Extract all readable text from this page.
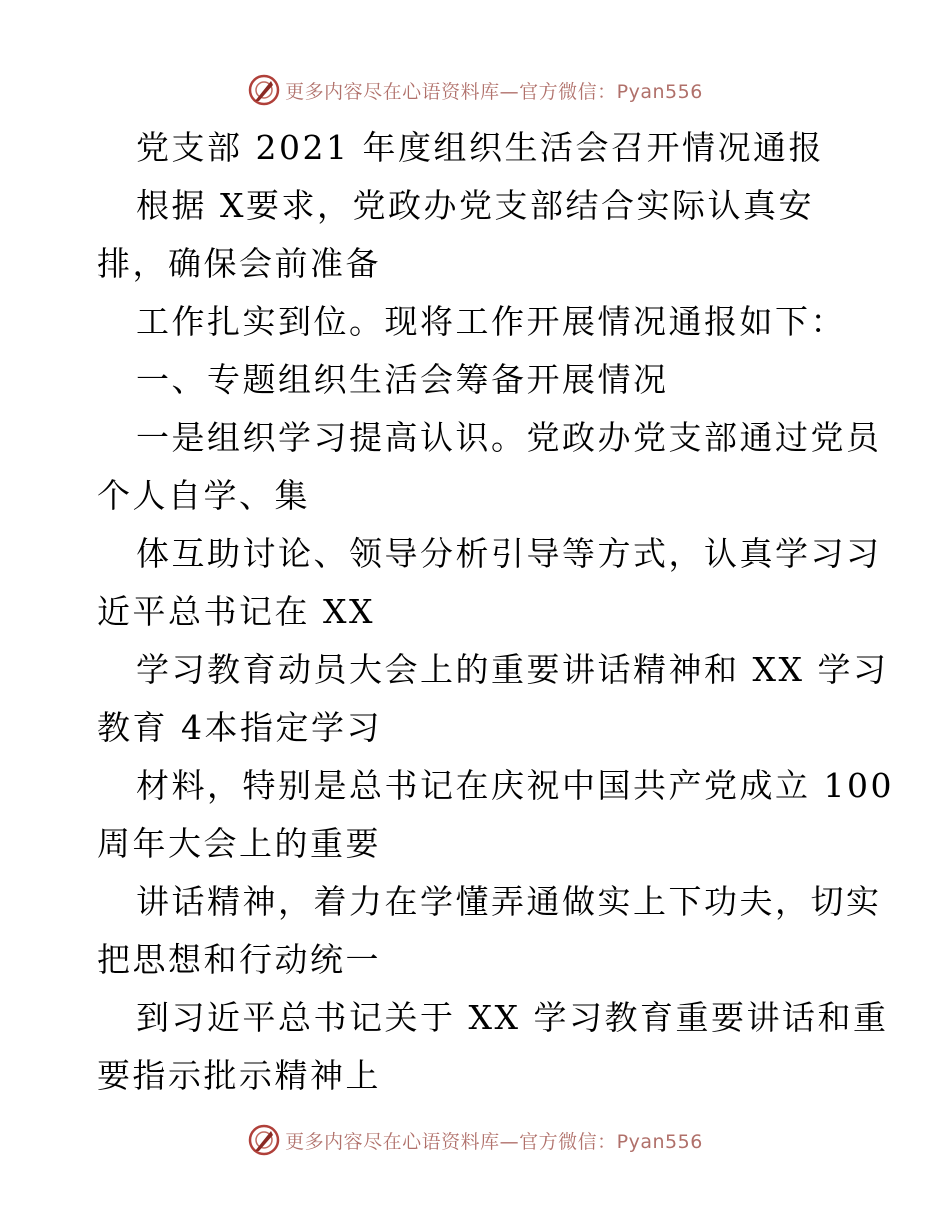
更多内容尽在心语资料库—官方微信：Pyan556
党支部 2021 年度组织生活会召开情况通报
根据 X要求，党政办党支部结合实际认真安
排，确保会前准备
工作扎实到位。现将工作开展情况通报如下：
一、专题组织生活会筹备开展情况
一是组织学习提高认识。党政办党支部通过党员
个人自学、集
体互助讨论、领导分析引导等方式，认真学习习
近平总书记在 XX
学习教育动员大会上的重要讲话精神和 XX 学习
教育 4本指定学习
材料，特别是总书记在庆祝中国共产党成立 100
周年大会上的重要
讲话精神，着力在学懂弄通做实上下功夫，切实
把思想和行动统一
到习近平总书记关于 XX 学习教育重要讲话和重
要指示批示精神上
更多内容尽在心语资料库—官方微信：Pyan556
